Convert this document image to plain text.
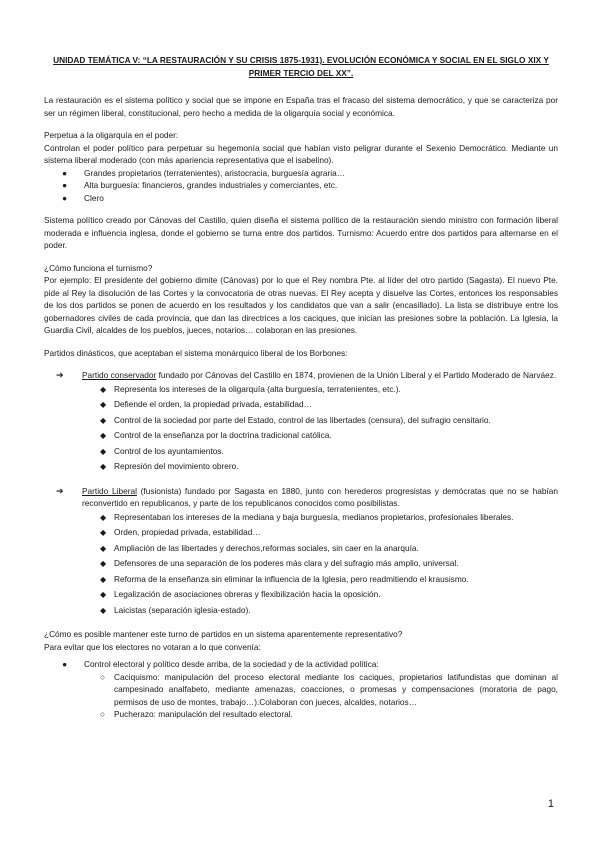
UNIDAD TEMÁTICA V: “LA RESTAURACIÓN Y SU CRISIS 1875-1931). EVOLUCIÓN ECONÓMICA Y SOCIAL EN EL SIGLO XIX Y PRIMER TERCIO DEL XX”.

La restauración es el sistema político y social que se impone en España tras el fracaso del sistema democrático, y que se caracteriza por ser un régimen liberal, constitucional, pero hecho a medida de la oligarquía social y económica.

Perpetua a la oligarquía en el poder:

Controlan el poder político para perpetuar su hegemonía social que habían visto peligrar durante el Sexenio Democrático. Mediante un sistema liberal moderado (con más apariencia representativa que el isabelino).

● Grandes propietarios (terratenientes), aristocracia, burguesía agraria…
● Alta burguesía: financieros, grandes industriales y comerciantes, etc.
● Clero

Sistema político creado por Cánovas del Castillo, quien diseña el sistema político de la restauración siendo ministro con formación liberal moderada e influencia inglesa, donde el gobierno se turna entre dos partidos. Turnismo: Acuerdo entre dos partidos para alternarse en el poder.

¿Cómo funciona el turnismo?

Por ejemplo: El presidente del gobierno dimite (Cánovas) por lo que el Rey nombra Pte. al líder del otro partido (Sagasta). El nuevo Pte. pide al Rey la disolución de las Cortes y la convocatoria de otras nuevas. El Rey acepta y disuelve las Cortes, entonces los responsables de los dos partidos se ponen de acuerdo en los resultados y los candidatos que van a salir (encasillado). La lista se distribuye entre los gobernadores civiles de cada provincia, que dan las directrices a los caciques, que inician las presiones sobre la población. La Iglesia, la Guardia Civil, alcaldes de los pueblos, jueces, notarios… colaboran en las presiones.

Partidos dinásticos, que aceptaban el sistema monárquico liberal de los Borbones:

➔ Partido conservador fundado por Cánovas del Castillo en 1874, provienen de la Unión Liberal y el Partido Moderado de Narváez.
◆ Representa los intereses de la oligarquía (alta burguesía, terratenientes, etc.).
◆ Defiende el orden, la propiedad privada, estabilidad…
◆ Control de la sociedad por parte del Estado, control de las libertades (censura), del sufragio censitario.
◆ Control de la enseñanza por la doctrina tradicional católica.
◆ Control de los ayuntamientos.
◆ Represión del movimiento obrero.
➔ Partido Liberal (fusionista) fundado por Sagasta en 1880, junto con herederos progresistas y demócratas que no se habían reconvertido en republicanos, y parte de los republicanos conocidos como posibilistas.
◆ Representaban los intereses de la mediana y baja burguesía, medianos propietarios, profesionales liberales.
◆ Orden, propiedad privada, estabilidad…
◆ Ampliación de las libertades y derechos,reformas sociales, sin caer en la anarquía.
◆ Defensores de una separación de los poderes más clara y del sufragio más amplio, universal.
◆ Reforma de la enseñanza sin eliminar la influencia de la Iglesia, pero readmitiendo el krausismo.
◆ Legalización de asociaciones obreras y flexibilización hacia la oposición.
◆ Laicistas (separación iglesia-estado).

¿Cómo es posible mantener este turno de partidos en un sistema aparentemente representativo?

Para evitar que los electores no votaran a lo que convenía:

● Control electoral y político desde arriba, de la sociedad y de la actividad política:
○ Caciquismo: manipulación del proceso electoral mediante los caciques, propietarios latifundistas que dominan al campesinado analfabeto, mediante amenazas, coacciones, o promesas y compensaciones (moratoria de pago, permisos de uso de montes, trabajo…).Colaboran con jueces, alcaldes, notarios…
○ Pucherazo: manipulación del resultado electoral.
1
